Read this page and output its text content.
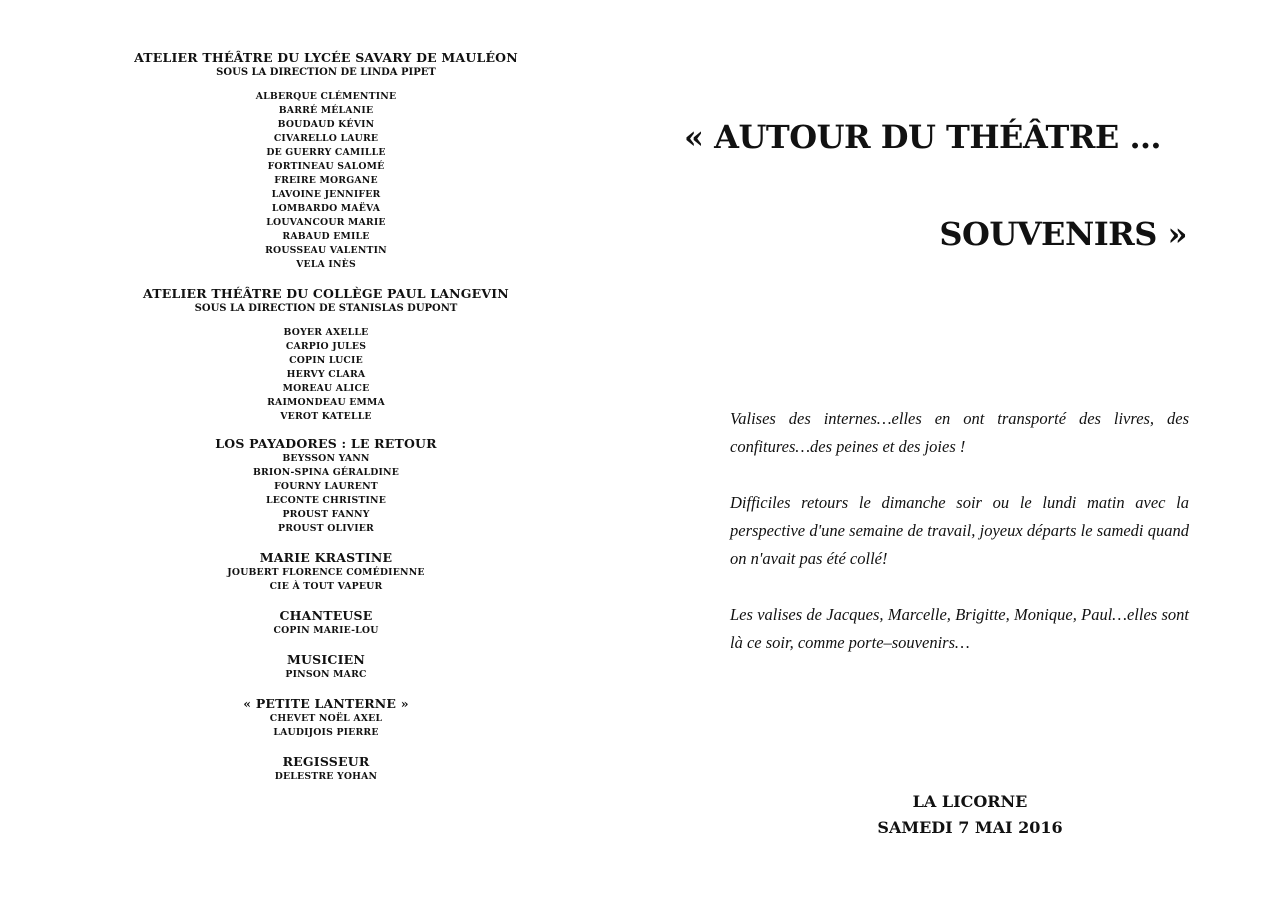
ATELIER THÉÂTRE DU LYCÉE SAVARY DE MAULÉON
SOUS LA DIRECTION DE LINDA PIPET
ALBERQUE CLÉMENTINE
BARRÉ MÉLANIE
BOUDAUD KÉVIN
CIVARELLO LAURE
DE GUERRY CAMILLE
FORTINEAU SALOMÉ
FREIRE MORGANE
LAVOINE JENNIFER
LOMBARDO MAËVA
LOUVANCOUR MARIE
RABAUD EMILE
ROUSSEAU VALENTIN
VELA INÈS
ATELIER THÉÂTRE DU COLLÈGE PAUL LANGEVIN
SOUS LA DIRECTION DE STANISLAS DUPONT
BOYER AXELLE
CARPIO JULES
COPIN LUCIE
HERVY CLARA
MOREAU ALICE
RAIMONDEAU EMMA
VEROT KATELLE
LOS PAYADORES : LE RETOUR
BEYSSON YANN
BRION-SPINA GÉRALDINE
FOURNY LAURENT
LECONTE CHRISTINE
PROUST FANNY
PROUST OLIVIER
MARIE KRASTINE
JOUBERT FLORENCE COMÉDIENNE
CIE À TOUT VAPEUR
CHANTEUSE
COPIN MARIE-LOU
MUSICIEN
PINSON MARC
« PETITE LANTERNE »
CHEVET NOËL AXEL
LAUDIJOIS PIERRE
REGISSEUR
DELESTRE YOHAN
« AUTOUR DU THÉÂTRE …
SOUVENIRS »

Valises des internes…elles en ont transporté des livres, des confitures…des peines et des joies !

Difficiles retours le dimanche soir ou le lundi matin avec la perspective d'une semaine de travail, joyeux départs le samedi quand on n'avait pas été collé!

Les valises de Jacques, Marcelle, Brigitte, Monique, Paul…elles sont là ce soir, comme porte–souvenirs…

LA LICORNE
SAMEDI 7 MAI 2016
